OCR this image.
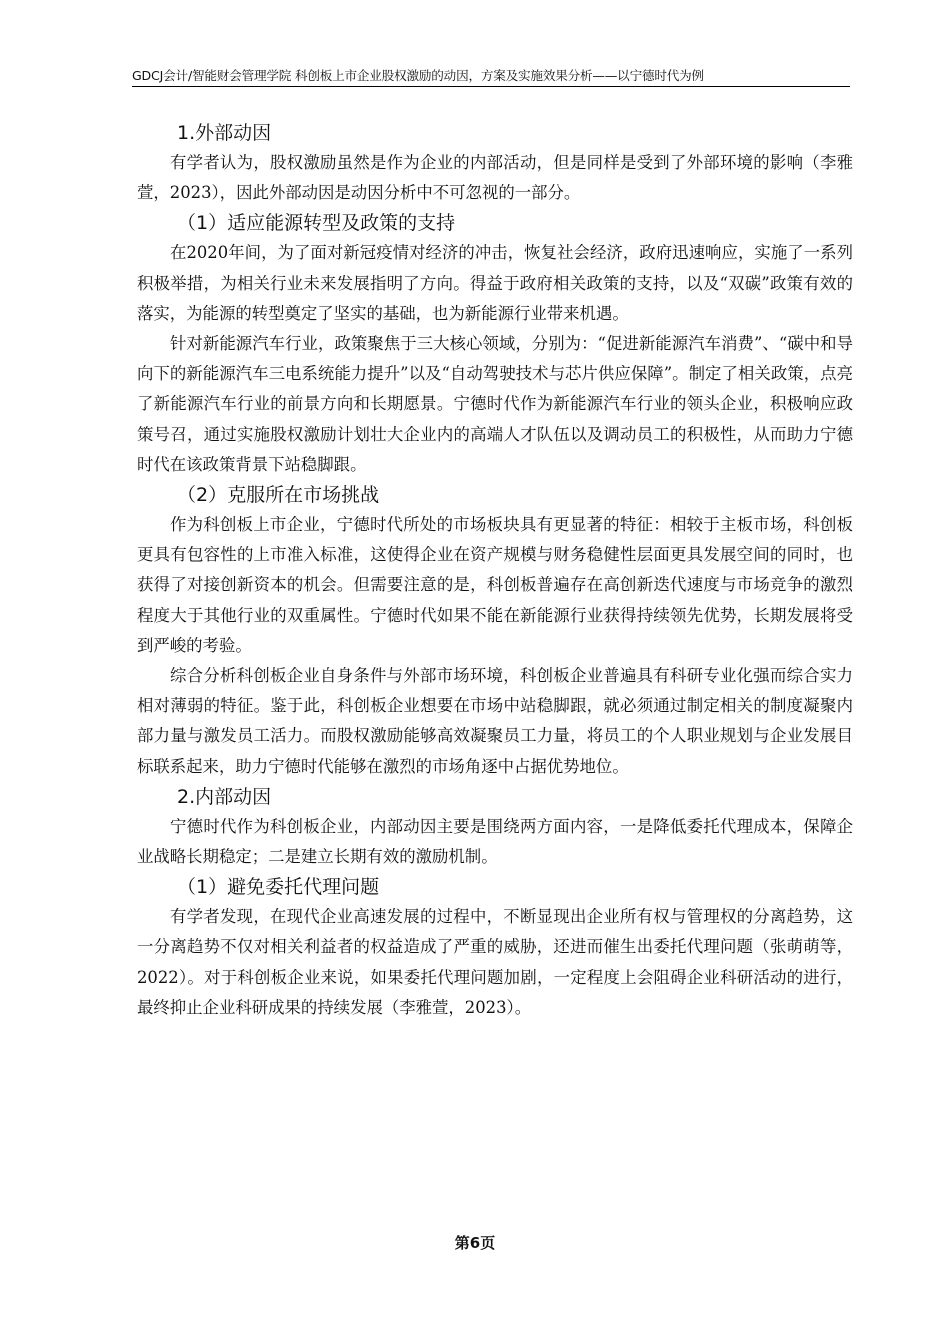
GDCJ会计/智能财会管理学院 科创板上市企业股权激励的动因，方案及实施效果分析——以宁德时代为例
1.外部动因

有学者认为，股权激励虽然是作为企业的内部活动，但是同样是受到了外部环境的影响（李雅萱，2023），因此外部动因是动因分析中不可忽视的一部分。

（1）适应能源转型及政策的支持

在2020年间，为了面对新冠疫情对经济的冲击，恢复社会经济，政府迅速响应，实施了一系列积极举措，为相关行业未来发展指明了方向。得益于政府相关政策的支持，以及“双碳”政策有效的落实，为能源的转型奠定了坚实的基础，也为新能源行业带来机遇。

针对新能源汽车行业，政策聚焦于三大核心领域，分别为：“促进新能源汽车消费”、“碳中和导向下的新能源汽车三电系统能力提升”以及“自动驾驶技术与芯片供应保障”。制定了相关政策，点亮了新能源汽车行业的前景方向和长期愿景。宁德时代作为新能源汽车行业的领头企业，积极响应政策号召，通过实施股权激励计划壮大企业内的高端人才队伍以及调动员工的积极性，从而助力宁德时代在该政策背景下站稳脚跟。

（2）克服所在市场挑战

作为科创板上市企业，宁德时代所处的市场板块具有更显著的特征：相较于主板市场，科创板更具有包容性的上市准入标准，这使得企业在资产规模与财务稳健性层面更具发展空间的同时，也获得了对接创新资本的机会。但需要注意的是，科创板普遍存在高创新迭代速度与市场竞争的激烈程度大于其他行业的双重属性。宁德时代如果不能在新能源行业获得持续领先优势，长期发展将受到严峻的考验。

综合分析科创板企业自身条件与外部市场环境，科创板企业普遍具有科研专业化强而综合实力相对薄弱的特征。鉴于此，科创板企业想要在市场中站稳脚跟，就必须通过制定相关的制度凝聚内部力量与激发员工活力。而股权激励能够高效凝聚员工力量，将员工的个人职业规划与企业发展目标联系起来，助力宁德时代能够在激烈的市场角逐中占据优势地位。

2.内部动因

宁德时代作为科创板企业，内部动因主要是围绕两方面内容，一是降低委托代理成本，保障企业战略长期稳定；二是建立长期有效的激励机制。

（1）避免委托代理问题

有学者发现，在现代企业高速发展的过程中，不断显现出企业所有权与管理权的分离趋势，这一分离趋势不仅对相关利益者的权益造成了严重的威胁，还进而催生出委托代理问题（张萌萌等，2022）。对于科创板企业来说，如果委托代理问题加剧，一定程度上会阻碍企业科研活动的进行，最终抑止企业科研成果的持续发展（李雅萱，2023）。

第6页
